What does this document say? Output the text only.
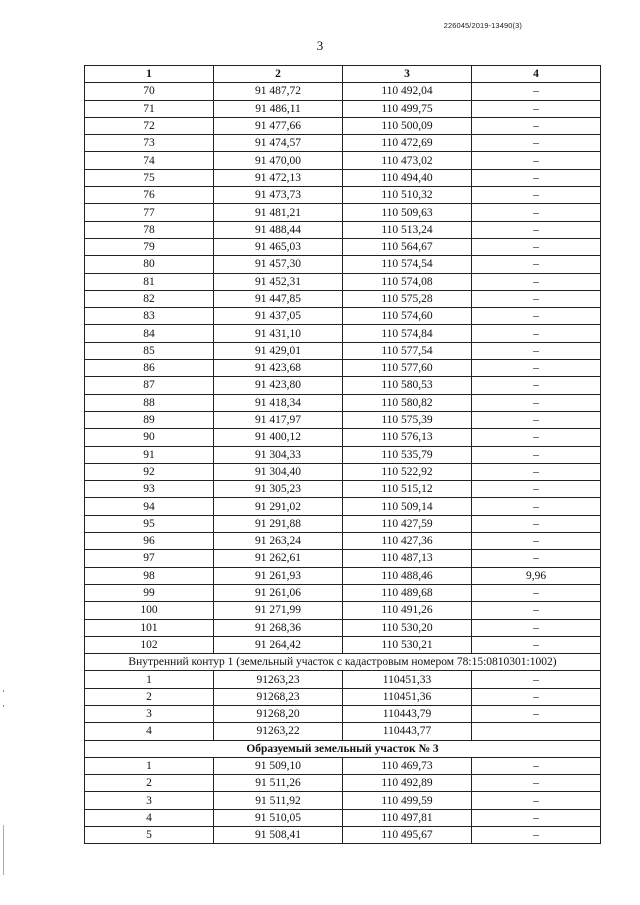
226045/2019-13490(3)
3
1	2	3	4
70	91 487,72	110 492,04	–
71	91 486,11	110 499,75	–
72	91 477,66	110 500,09	–
73	91 474,57	110 472,69	–
74	91 470,00	110 473,02	–
75	91 472,13	110 494,40	–
76	91 473,73	110 510,32	–
77	91 481,21	110 509,63	–
78	91 488,44	110 513,24	–
79	91 465,03	110 564,67	–
80	91 457,30	110 574,54	–
81	91 452,31	110 574,08	–
82	91 447,85	110 575,28	–
83	91 437,05	110 574,60	–
84	91 431,10	110 574,84	–
85	91 429,01	110 577,54	–
86	91 423,68	110 577,60	–
87	91 423,80	110 580,53	–
88	91 418,34	110 580,82	–
89	91 417,97	110 575,39	–
90	91 400,12	110 576,13	–
91	91 304,33	110 535,79	–
92	91 304,40	110 522,92	–
93	91 305,23	110 515,12	–
94	91 291,02	110 509,14	–
95	91 291,88	110 427,59	–
96	91 263,24	110 427,36	–
97	91 262,61	110 487,13	–
98	91 261,93	110 488,46	9,96
99	91 261,06	110 489,68	–
100	91 271,99	110 491,26	–
101	91 268,36	110 530,20	–
102	91 264,42	110 530,21	–
Внутренний контур 1 (земельный участок с кадастровым номером 78:15:0810301:1002)			
1	91263,23	110451,33	–
2	91268,23	110451,36	–
3	91268,20	110443,79	–
4	91263,22	110443,77	
Образуемый земельный участок № 3			
1	91 509,10	110 469,73	–
2	91 511,26	110 492,89	–
3	91 511,92	110 499,59	–
4	91 510,05	110 497,81	–
5	91 508,41	110 495,67	–
